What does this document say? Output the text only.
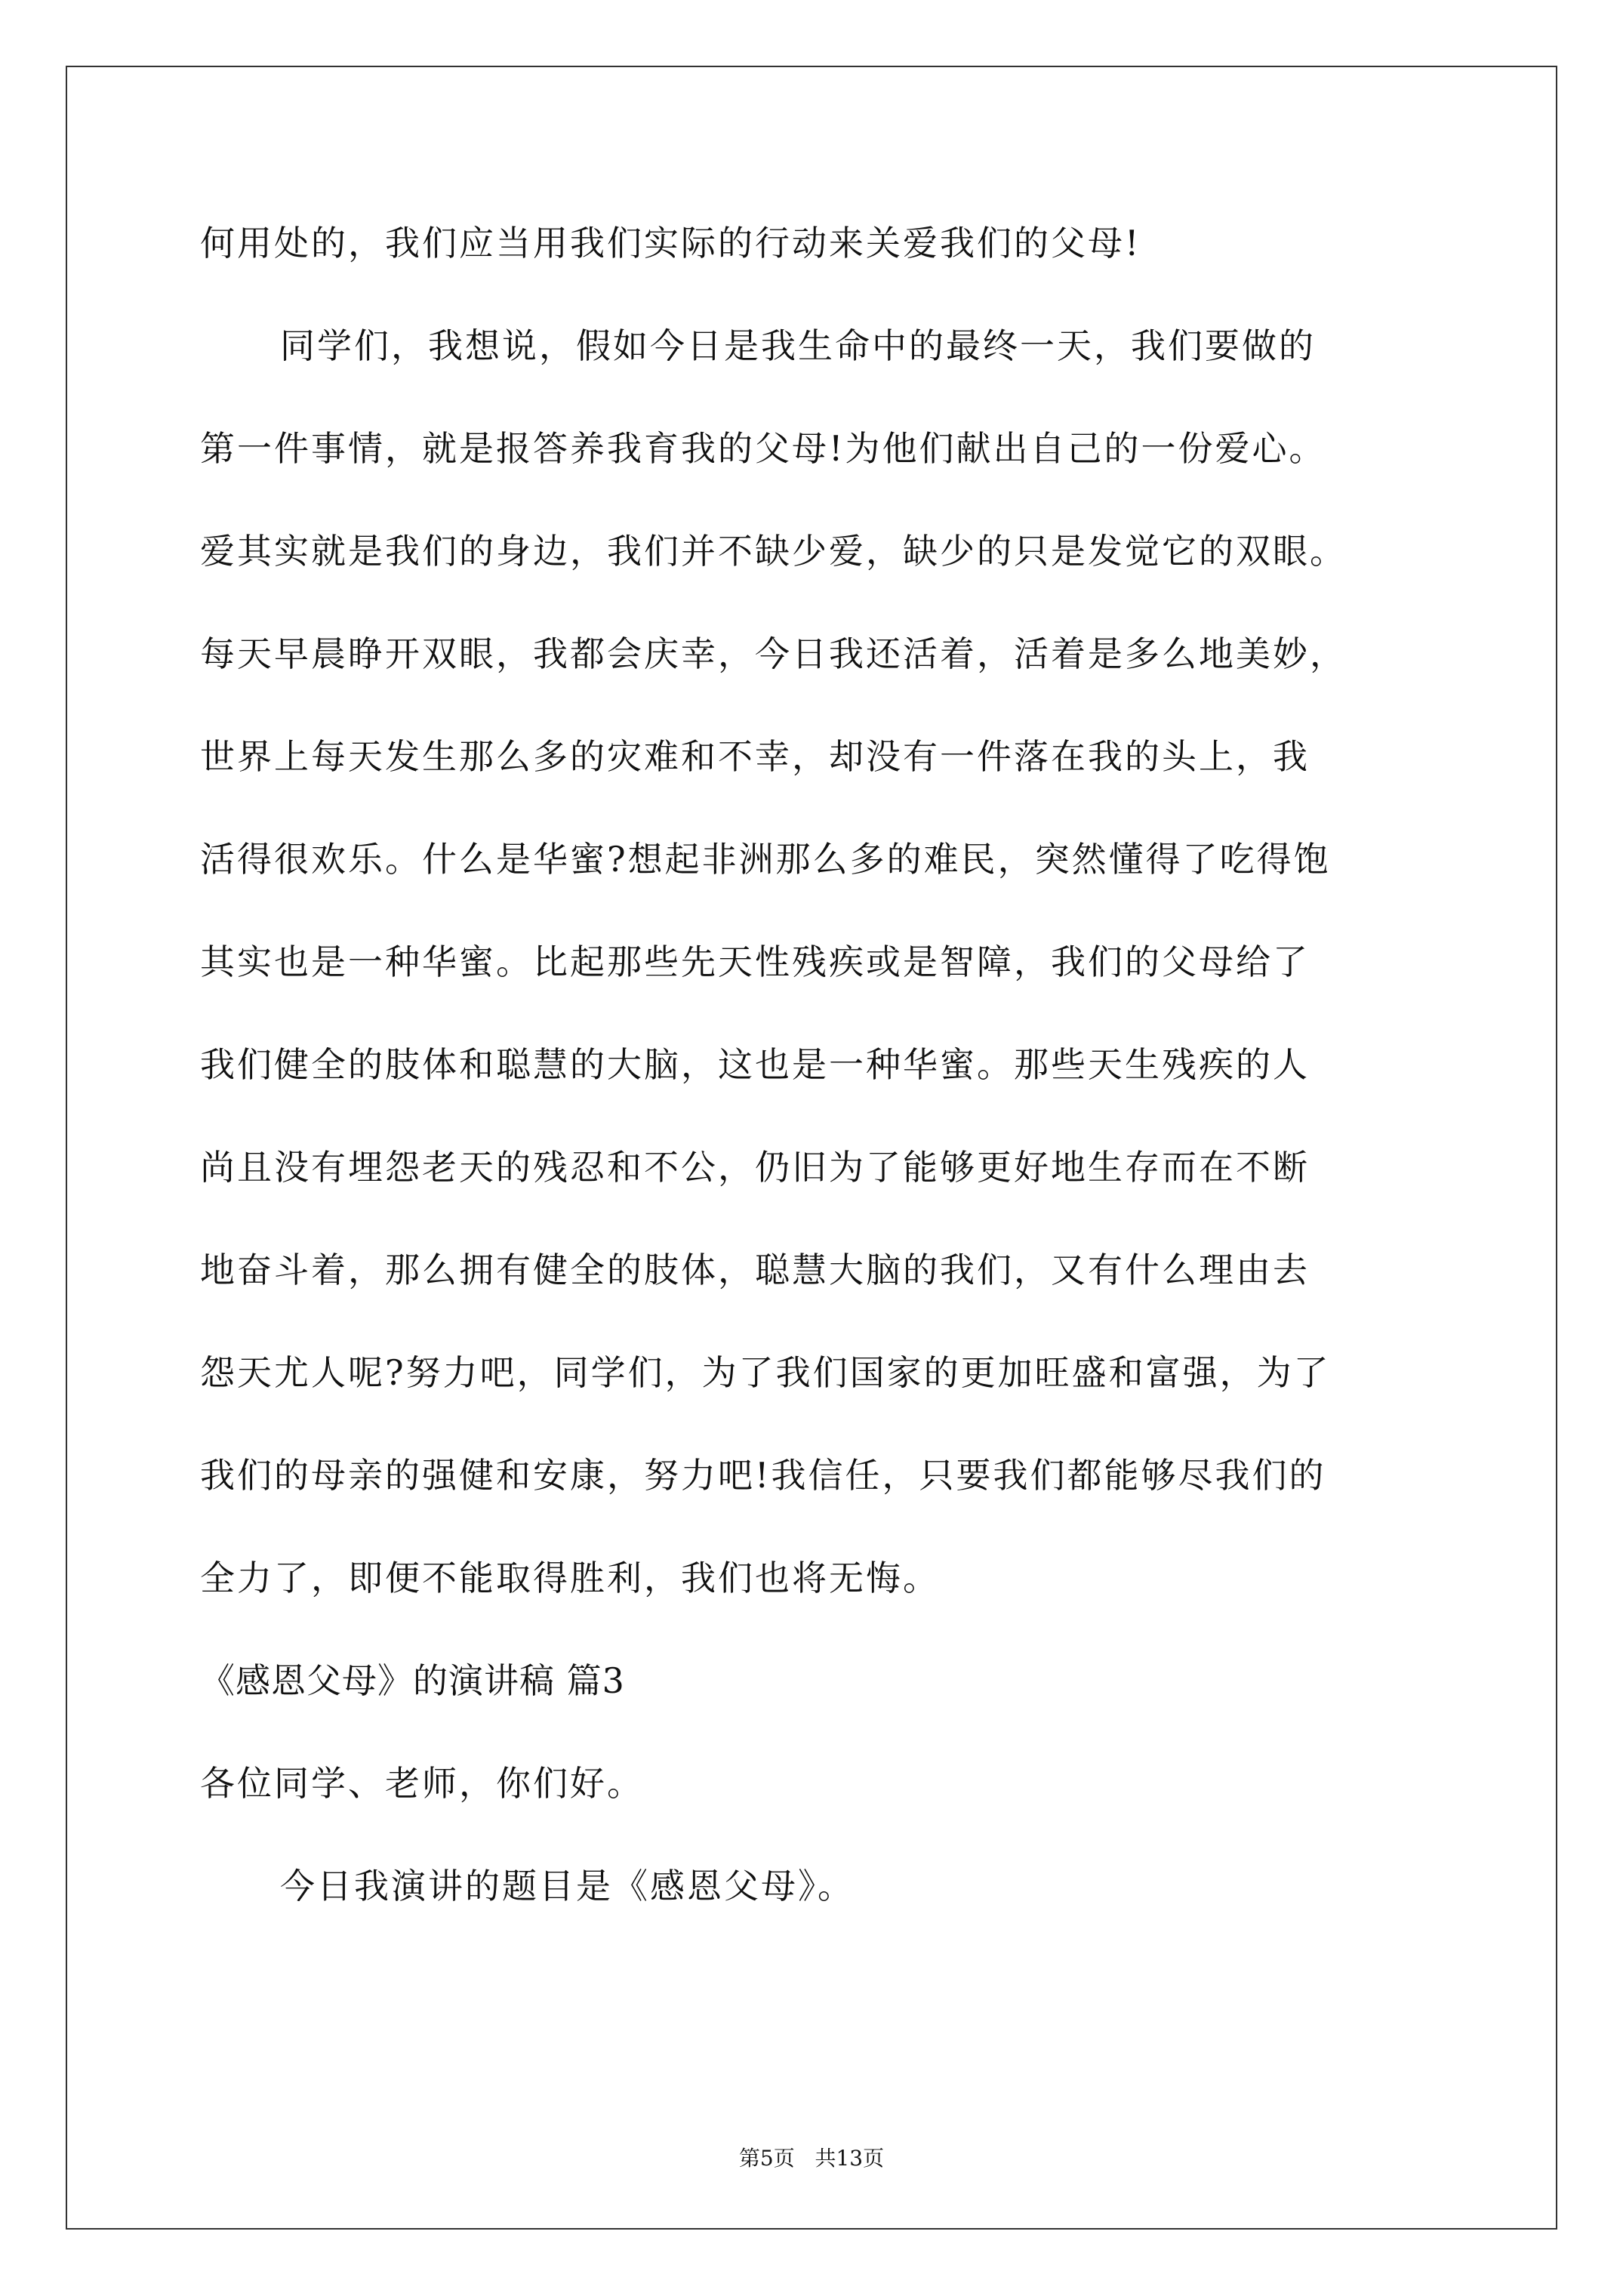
何用处的，我们应当用我们实际的行动来关爱我们的父母!

同学们，我想说，假如今日是我生命中的最终一天，我们要做的

第一件事情，就是报答养我育我的父母!为他们献出自己的一份爱心。

爱其实就是我们的身边，我们并不缺少爱，缺少的只是发觉它的双眼。

每天早晨睁开双眼，我都会庆幸，今日我还活着，活着是多么地美妙，

世界上每天发生那么多的灾难和不幸，却没有一件落在我的头上，我

活得很欢乐。什么是华蜜?想起非洲那么多的难民，突然懂得了吃得饱

其实也是一种华蜜。比起那些先天性残疾或是智障，我们的父母给了

我们健全的肢体和聪慧的大脑，这也是一种华蜜。那些天生残疾的人

尚且没有埋怨老天的残忍和不公，仍旧为了能够更好地生存而在不断

地奋斗着，那么拥有健全的肢体，聪慧大脑的我们，又有什么理由去

怨天尤人呢?努力吧，同学们，为了我们国家的更加旺盛和富强，为了

我们的母亲的强健和安康，努力吧!我信任，只要我们都能够尽我们的

全力了，即便不能取得胜利，我们也将无悔。

《感恩父母》的演讲稿 篇3

各位同学、老师，你们好。

今日我演讲的题目是《感恩父母》。

第5页   共13页
